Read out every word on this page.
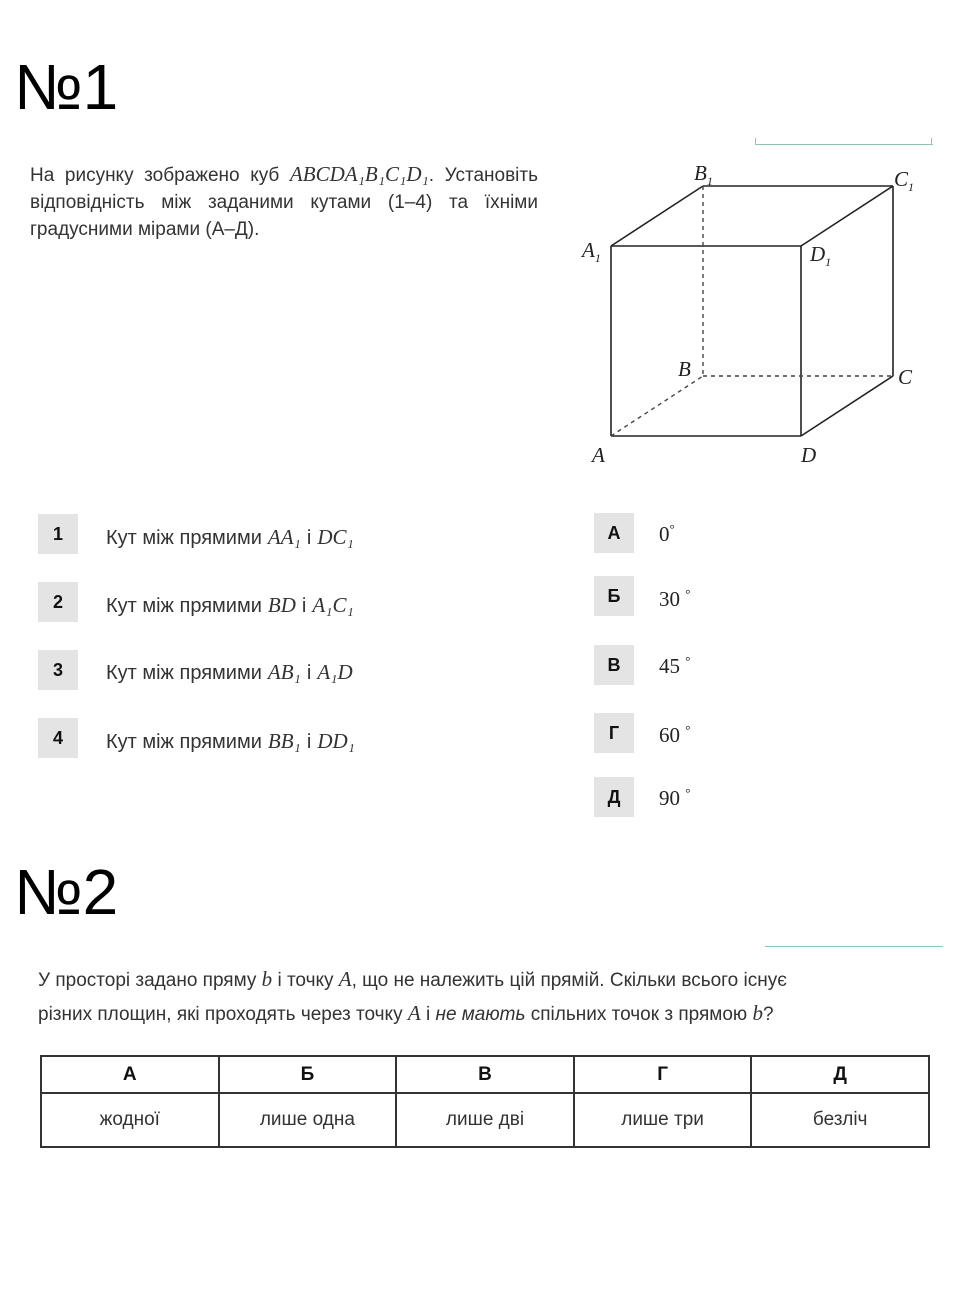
№1
На рисунку зображено куб ABCDA₁B₁C₁D₁. Установіть відповідність між заданими кутами (1–4) та їхніми градусними мірами (А–Д).
A
B	C
D
$A_1$
$B_1$	$C_1$
$D_1$
1 Кут між прямими AA₁ і DC₁
2 Кут між прямими BD і A₁C₁
3 Кут між прямими AB₁ і A₁D
4 Кут між прямими BB₁ і DD₁
А 0°
Б 30 °
В 45 °
Г 60 °
Д 90 °
№2
У просторі задано пряму b і точку A, що не належить цій прямій. Скільки всього існує
різних площин, які проходять через точку A і не мають спільних точок з прямою b?
А	Б	В	Г	Д
жодної	лише одна	лише дві	лише три	безліч
